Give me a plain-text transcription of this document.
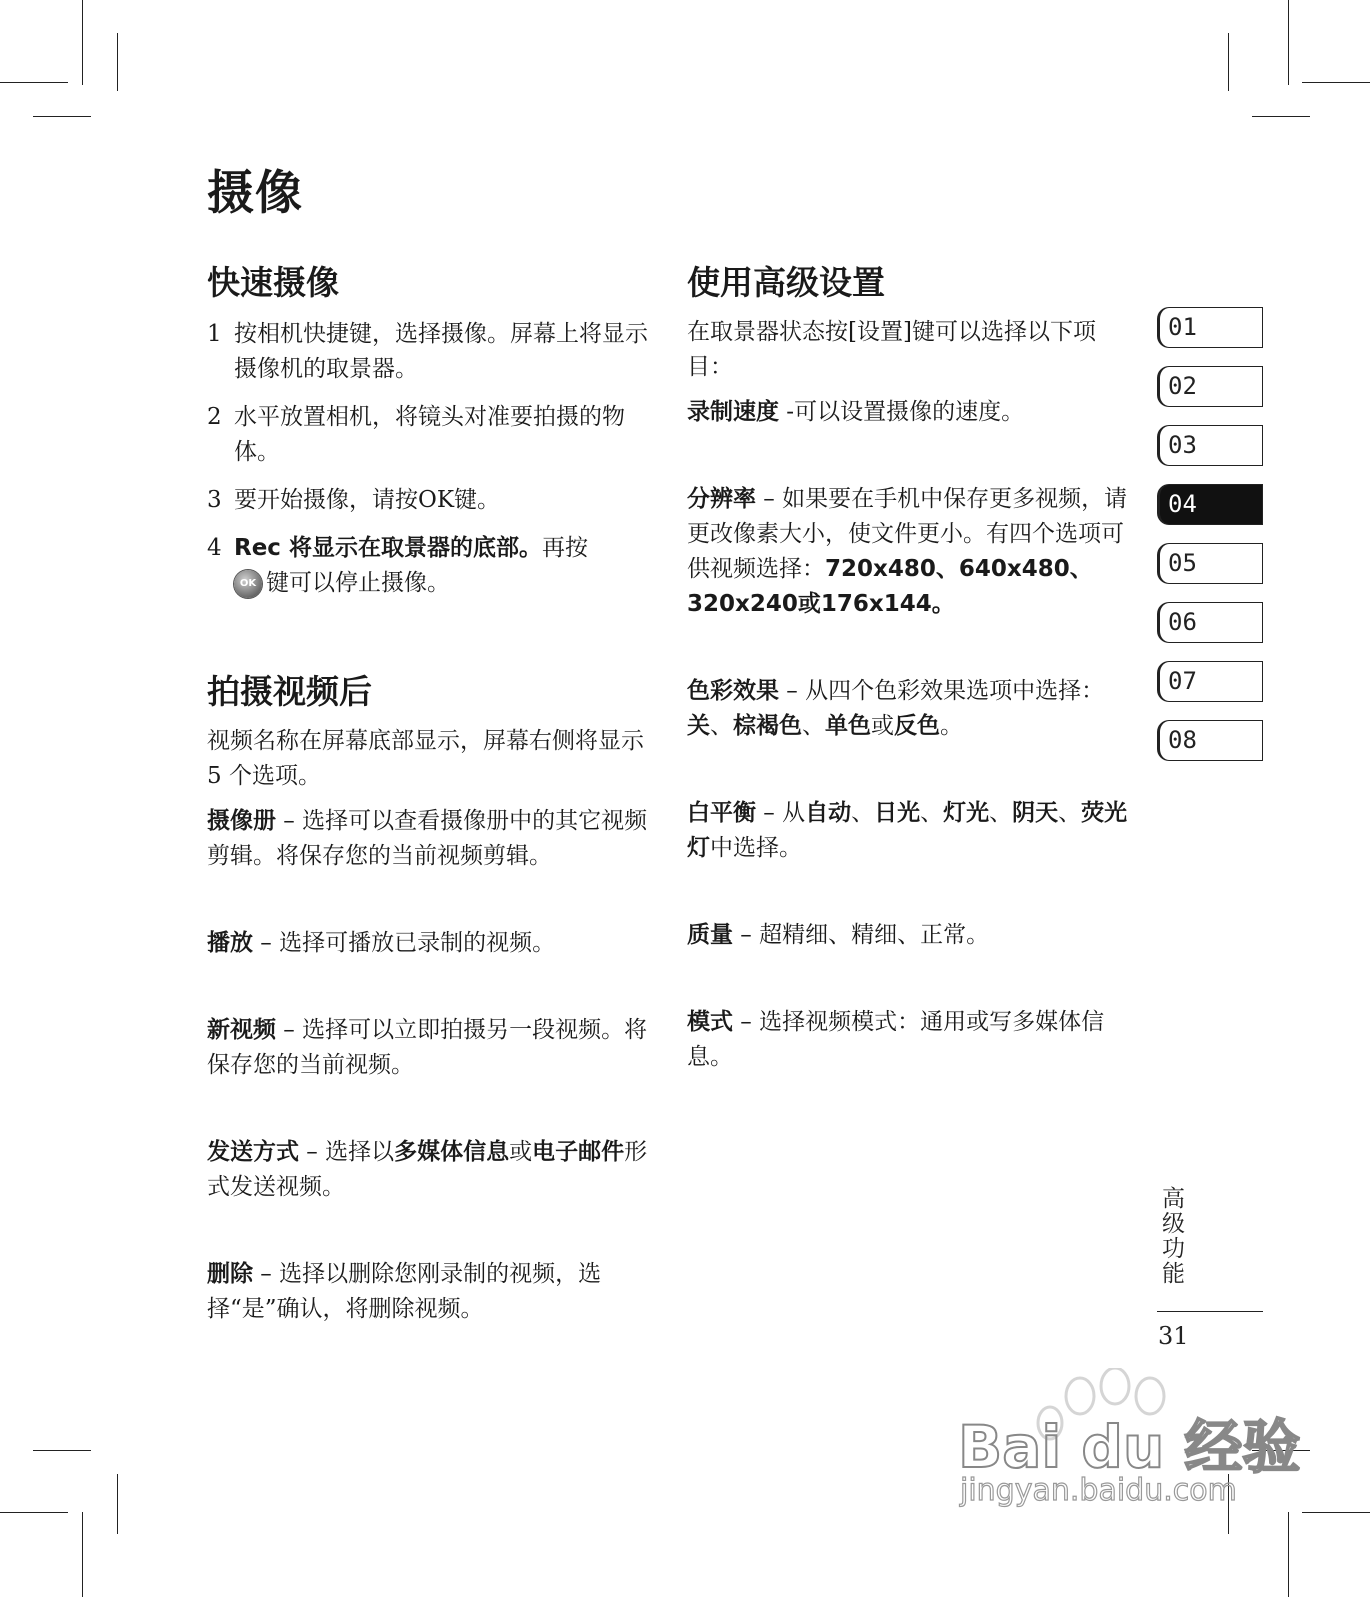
摄像
快速摄像
1 按相机快捷键，选择摄像。屏幕上将显示摄像机的取景器。
2 水平放置相机，将镜头对准要拍摄的物体。
3 要开始摄像，请按OK键。
4 Rec 将显示在取景器的底部。再按
OK 键可以停止摄像。
拍摄视频后

视频名称在屏幕底部显示，屏幕右侧将显示 5 个选项。

摄像册 – 选择可以查看摄像册中的其它视频剪辑。将保存您的当前视频剪辑。

播放 – 选择可播放已录制的视频。

新视频 – 选择可以立即拍摄另一段视频。将保存您的当前视频。

发送方式 – 选择以多媒体信息或电子邮件形式发送视频。

删除 – 选择以删除您刚录制的视频，选择“是”确认，将删除视频。

使用高级设置

在取景器状态按[设置]键可以选择以下项目：

录制速度 -可以设置摄像的速度。

分辨率 – 如果要在手机中保存更多视频，请更改像素大小，使文件更小。有四个选项可供视频选择：720x480、640x480、320x240或176x144。

色彩效果 – 从四个色彩效果选项中选择：关、棕褐色、单色或反色。

白平衡 – 从自动、日光、灯光、阴天、荧光灯中选择。

质量 – 超精细、精细、正常。

模式 – 选择视频模式：通用或写多媒体信息。

01
02
03
04
05
06
07
08
高级功能
31
Bai du 经验
jingyan.baidu.com
